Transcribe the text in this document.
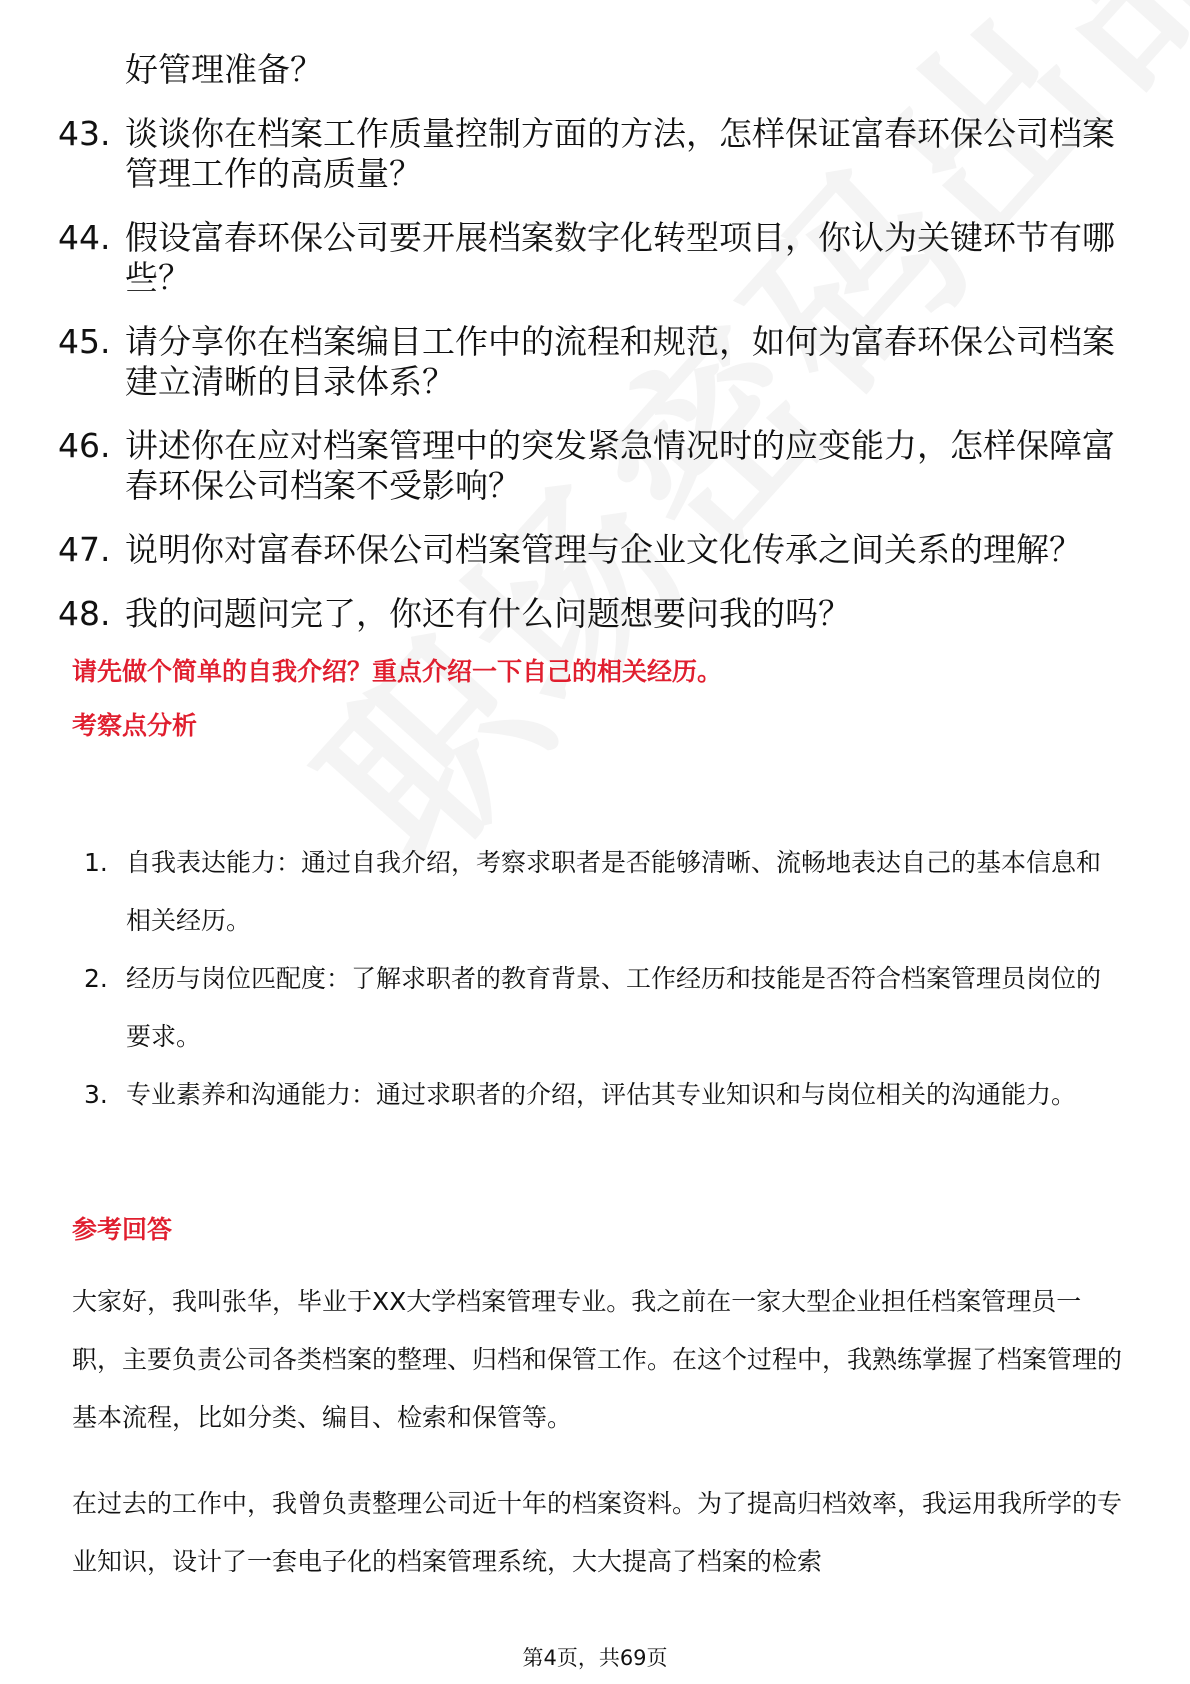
好管理准备？
43. 谈谈你在档案工作质量控制方面的方法，怎样保证富春环保公司档案管理工作的高质量？
44. 假设富春环保公司要开展档案数字化转型项目，你认为关键环节有哪些？
45. 请分享你在档案编目工作中的流程和规范，如何为富春环保公司档案建立清晰的目录体系？
46. 讲述你在应对档案管理中的突发紧急情况时的应变能力，怎样保障富春环保公司档案不受影响？
47. 说明你对富春环保公司档案管理与企业文化传承之间关系的理解？
48. 我的问题问完了，你还有什么问题想要问我的吗？
请先做个简单的自我介绍？重点介绍一下自己的相关经历。
考察点分析
1. 自我表达能力：通过自我介绍，考察求职者是否能够清晰、流畅地表达自己的基本信息和相关经历。
2. 经历与岗位匹配度：了解求职者的教育背景、工作经历和技能是否符合档案管理员岗位的要求。
3. 专业素养和沟通能力：通过求职者的介绍，评估其专业知识和与岗位相关的沟通能力。
参考回答
大家好，我叫张华，毕业于XX大学档案管理专业。我之前在一家大型企业担任档案管理员一职，主要负责公司各类档案的整理、归档和保管工作。在这个过程中，我熟练掌握了档案管理的基本流程，比如分类、编目、检索和保管等。
在过去的工作中，我曾负责整理公司近十年的档案资料。为了提高归档效率，我运用我所学的专业知识，设计了一套电子化的档案管理系统，大大提高了档案的检索
第4页，共69页
